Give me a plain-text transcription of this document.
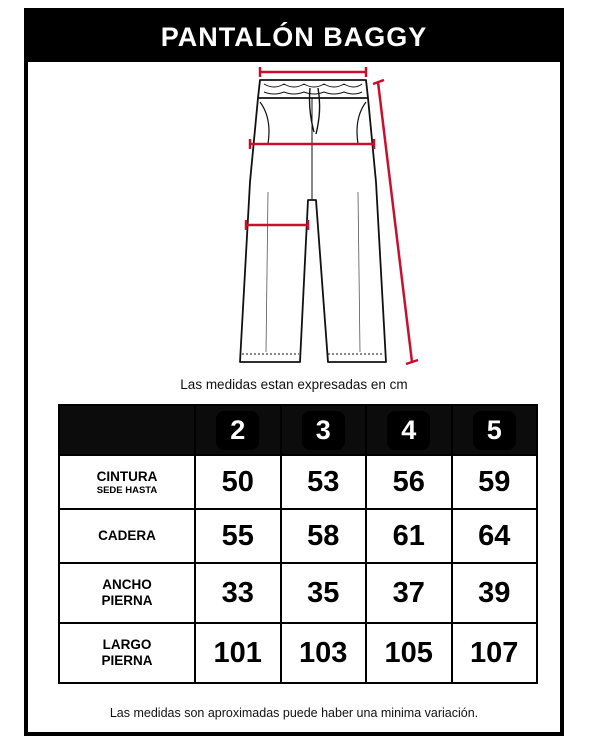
PANTALÓN BAGGY
Las medidas estan expresadas en cm
	2	3	4	5
CINTURA
SEDE HASTA	50	53	56	59
CADERA	55	58	61	64
ANCHO
PIERNA	33	35	37	39
LARGO
PIERNA	101	103	105	107
Las medidas son aproximadas puede haber una minima variación.
